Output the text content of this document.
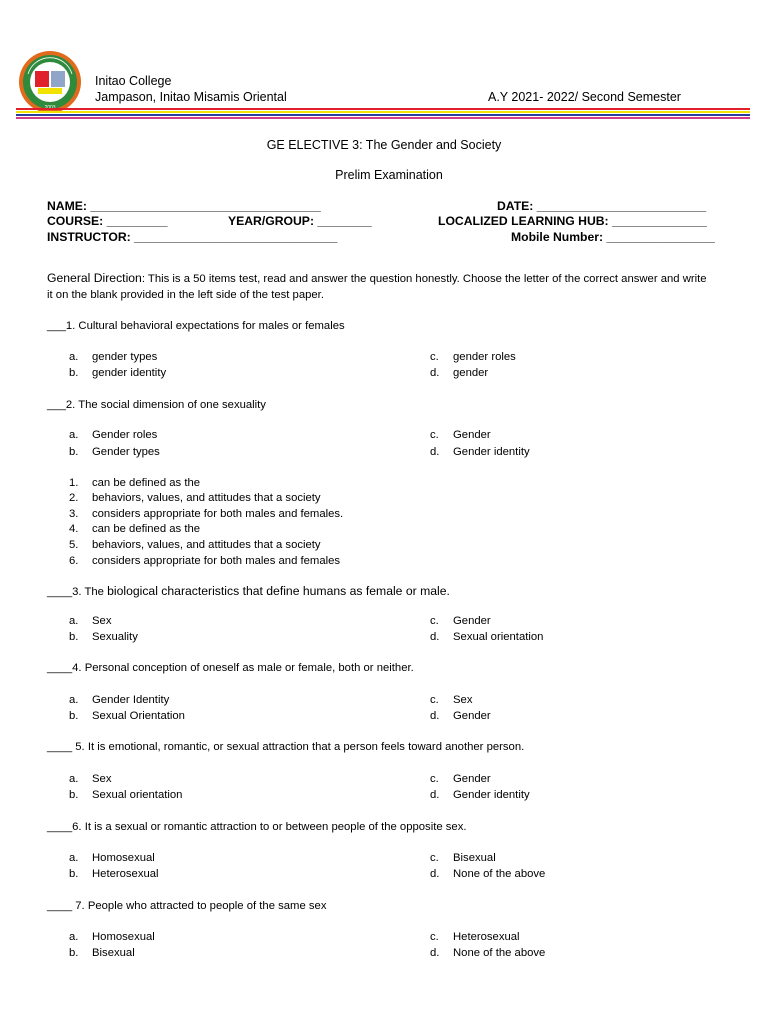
Initao College
Jampason, Initao Misamis Oriental	A.Y 2021- 2022/ Second Semester
GE ELECTIVE 3: The Gender and Society
Prelim Examination
NAME: __________________________________	DATE: _________________________
COURSE: _________	YEAR/GROUP: ________	LOCALIZED LEARNING HUB: ______________
INSTRUCTOR: ______________________________	Mobile Number: ________________
General Direction: This is a 50 items test, read and answer the question honestly. Choose the letter of the correct answer and write
it on the blank provided in the left side of the test paper.
___1. Cultural behavioral expectations for males or females
a. gender types
b. gender identity
c. gender roles
d. gender
___2. The social dimension of one sexuality
a. Gender roles
b. Gender types
c. Gender
d. Gender identity
1. can be defined as the
2. behaviors, values, and attitudes that a society
3. considers appropriate for both males and females.
4. can be defined as the
5. behaviors, values, and attitudes that a society
6. considers appropriate for both males and females
____3. The biological characteristics that define humans as female or male.
a. Sex
b. Sexuality
c. Gender
d. Sexual orientation
____4. Personal conception of oneself as male or female, both or neither.
a. Gender Identity
b. Sexual Orientation
c. Sex
d. Gender
____ 5. It is emotional, romantic, or sexual attraction that a person feels toward another person.
a. Sex
b. Sexual orientation
c. Gender
d. Gender identity
____6. It is a sexual or romantic attraction to or between people of the opposite sex.
a. Homosexual
b. Heterosexual
c. Bisexual
d. None of the above
____ 7. People who attracted to people of the same sex
a. Homosexual
b. Bisexual
c. Heterosexual
d. None of the above
